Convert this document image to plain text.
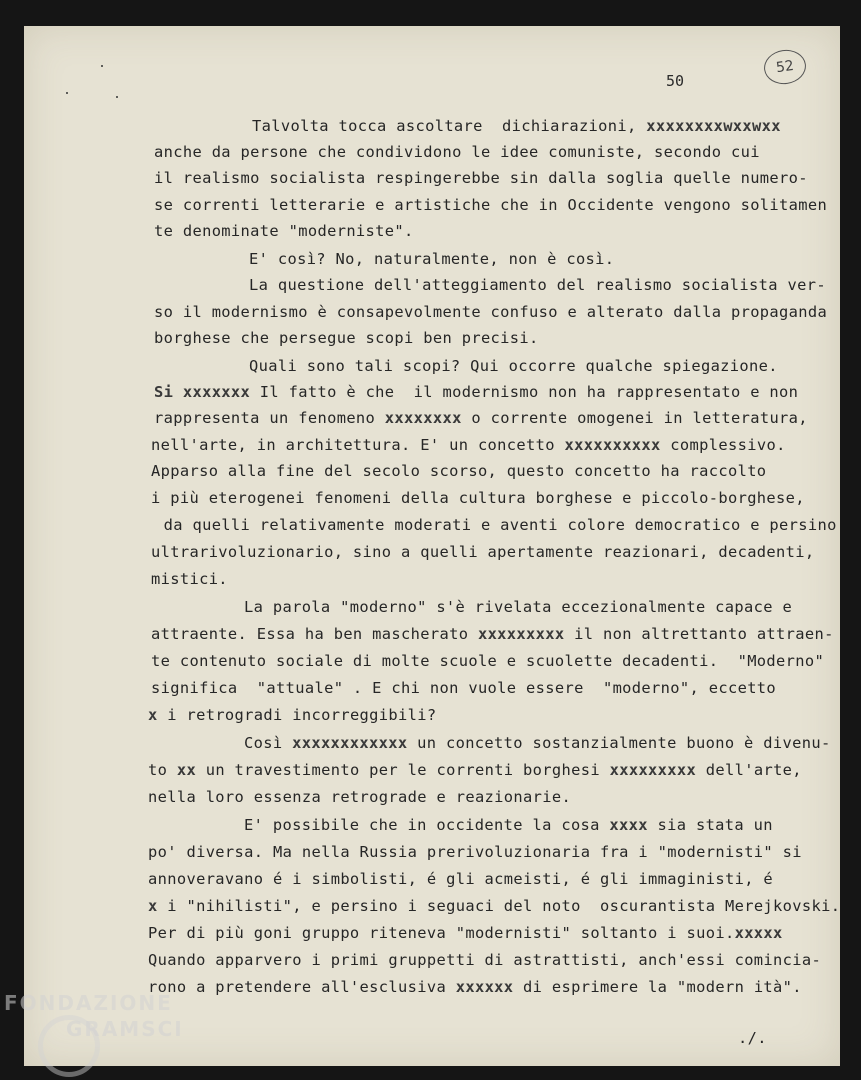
50
52
Talvolta tocca ascoltare  dichiarazioni, xxxxxxxxwxxwxx
anche da persone che condividono le idee comuniste, secondo cui
il realismo socialista respingerebbe sin dalla soglia quelle numero-
se correnti letterarie e artistiche che in Occidente vengono solitamen
te denominate "moderniste".
E' così? No, naturalmente, non è così.
La questione dell'atteggiamento del realismo socialista ver-
so il modernismo è consapevolmente confuso e alterato dalla propaganda
borghese che persegue scopi ben precisi.
Quali sono tali scopi? Qui occorre qualche spiegazione.
Si xxxxxxx Il fatto è che  il modernismo non ha rappresentato e non
rappresenta un fenomeno xxxxxxxx o corrente omogenei in letteratura,
nell'arte, in architettura. E' un concetto xxxxxxxxxx complessivo.
Apparso alla fine del secolo scorso, questo concetto ha raccolto
i più eterogenei fenomeni della cultura borghese e piccolo-borghese,
da quelli relativamente moderati e aventi colore democratico e persino
ultrarivoluzionario, sino a quelli apertamente reazionari, decadenti,
mistici.
La parola "moderno" s'è rivelata eccezionalmente capace e
attraente. Essa ha ben mascherato xxxxxxxxx il non altrettanto attraen-
te contenuto sociale di molte scuole e scuolette decadenti.  "Moderno"
significa  "attuale" . E chi non vuole essere  "moderno", eccetto
x i retrogradi incorreggibili?
Così xxxxxxxxxxxx un concetto sostanzialmente buono è divenu-
to xx un travestimento per le correnti borghesi xxxxxxxxx dell'arte,
nella loro essenza retrograde e reazionarie.
E' possibile che in occidente la cosa xxxx sia stata un
po' diversa. Ma nella Russia prerivoluzionaria fra i "modernisti" si
annoveravano é i simbolisti, é gli acmeisti, é gli immaginisti, é
x i "nihilisti", e persino i seguaci del noto  oscurantista Merejkovski.
Per di più goni gruppo riteneva "modernisti" soltanto i suoi.xxxxx
Quando apparvero i primi gruppetti di astrattisti, anch'essi comincia-
rono a pretendere all'esclusiva xxxxxx di esprimere la "modern ità".
./.
FONDAZIONE
GRAMSCI
